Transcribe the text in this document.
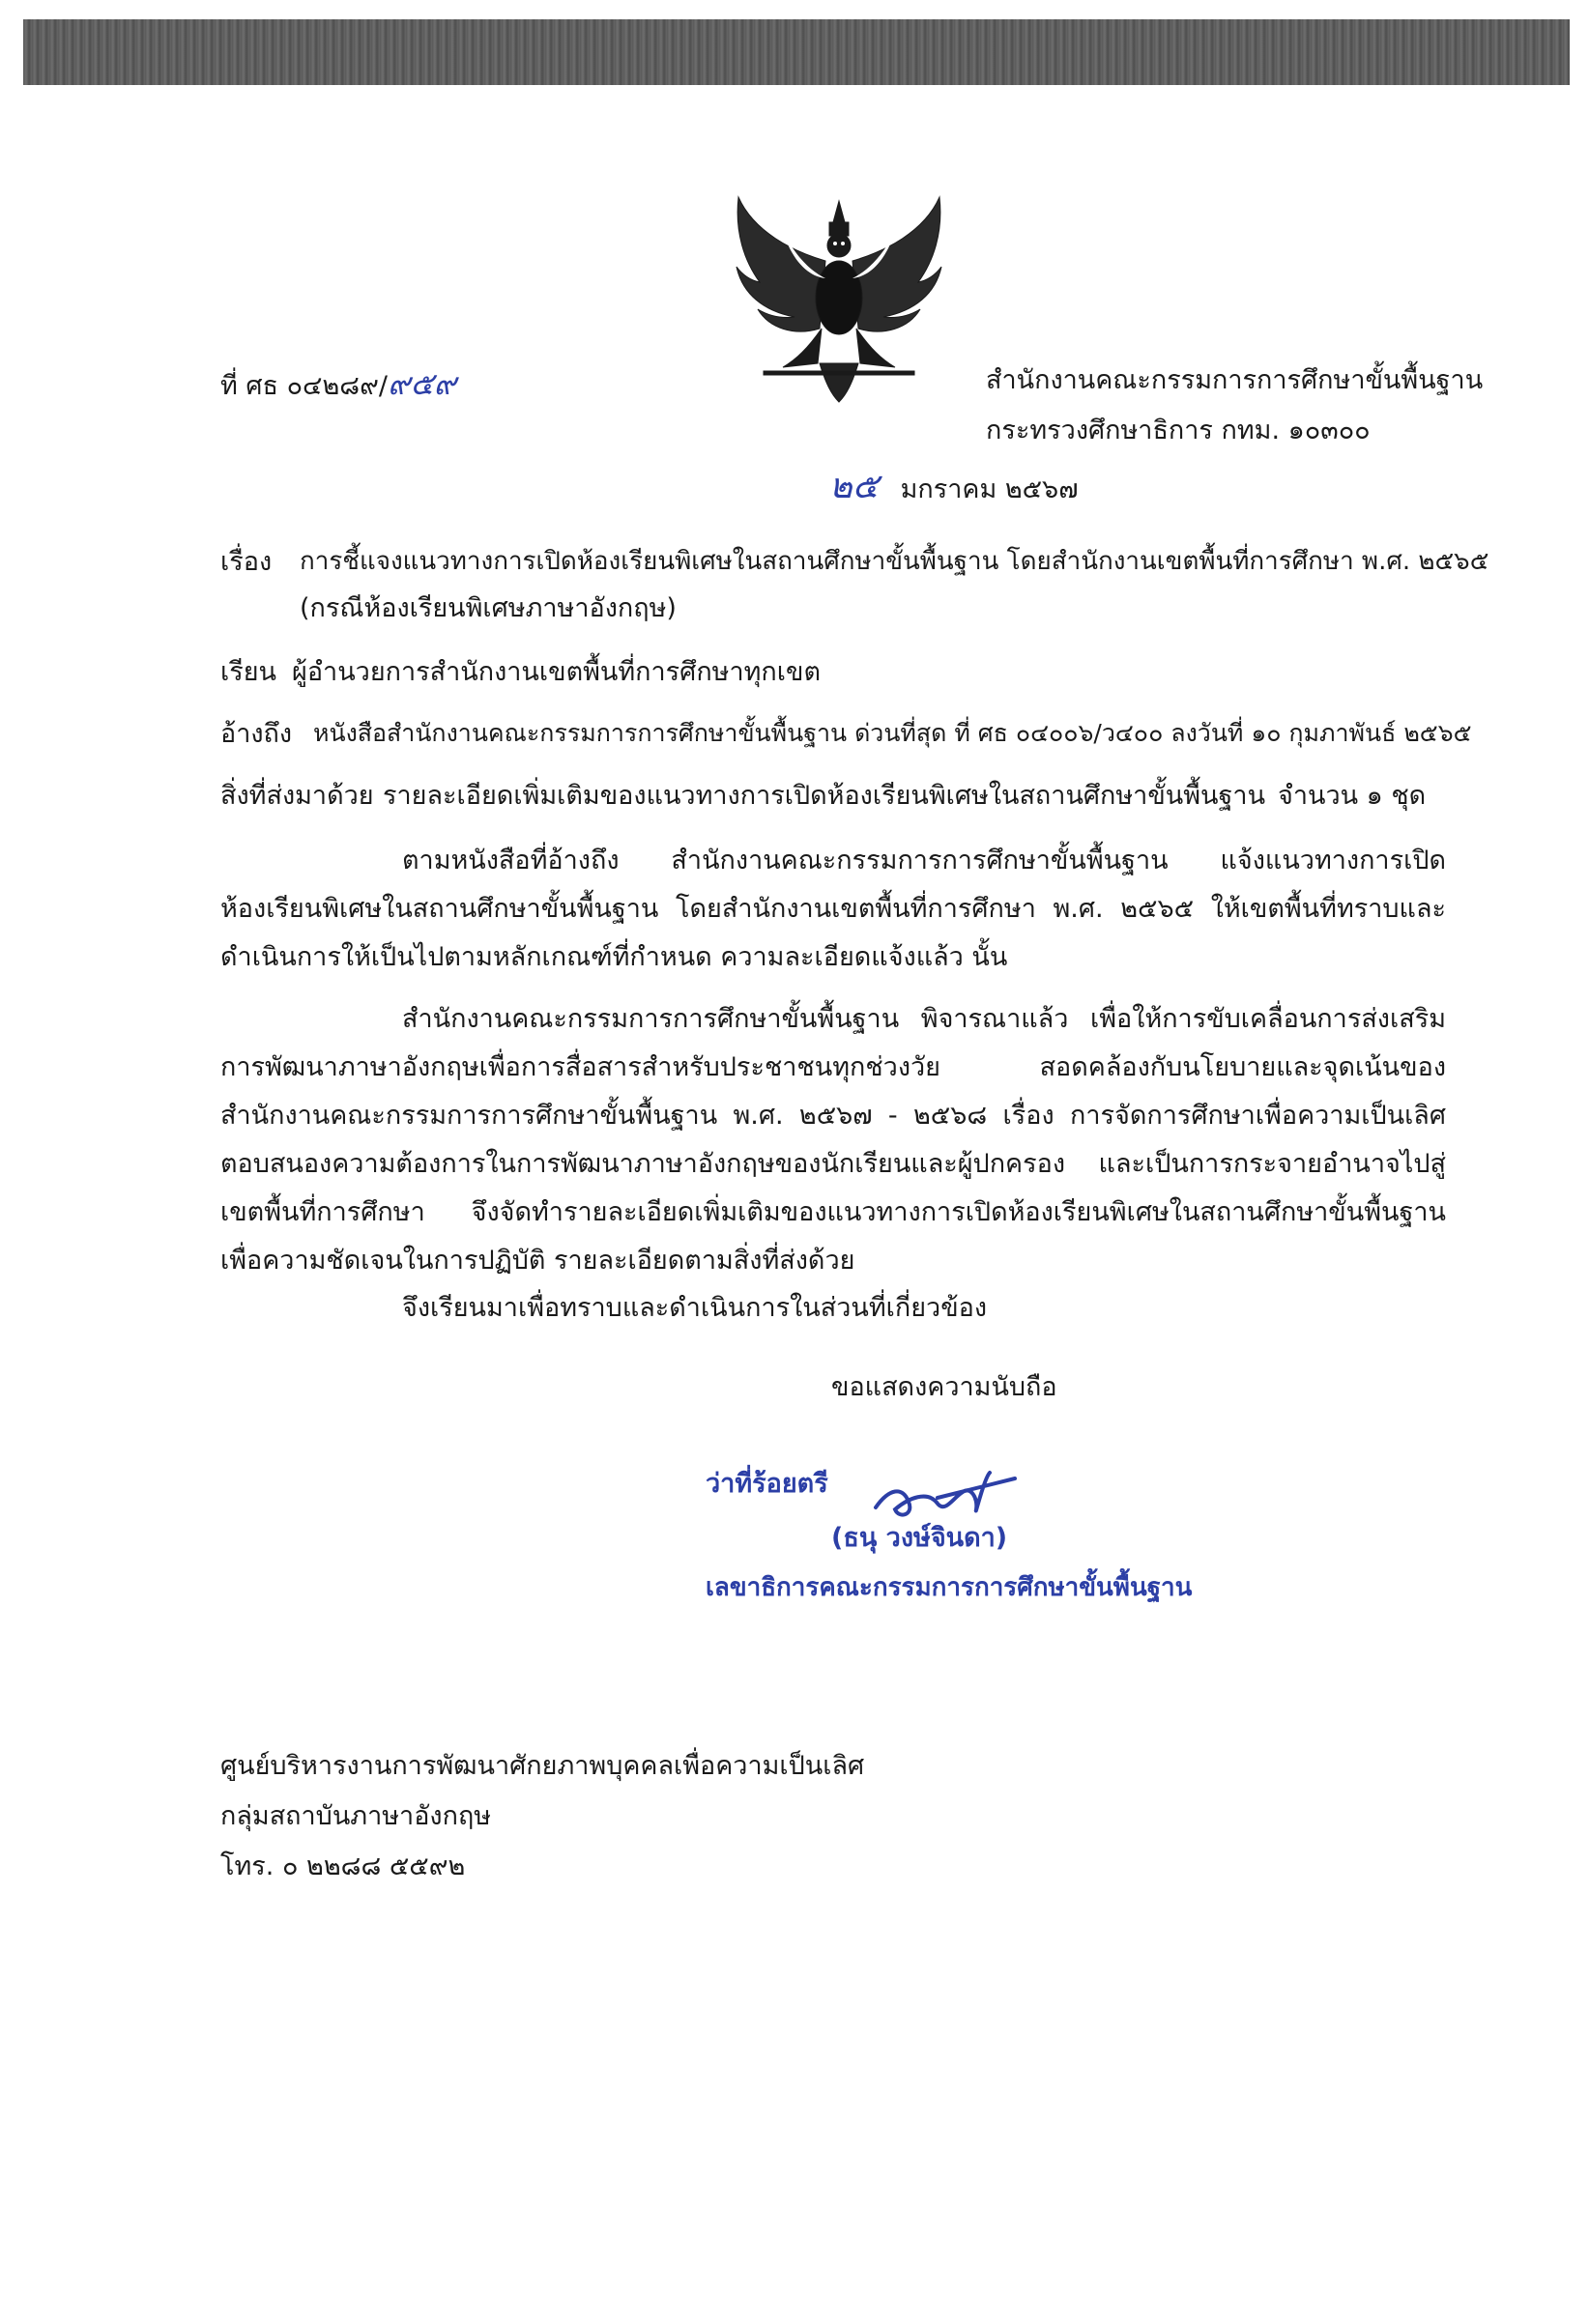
ที่ ศธ ๐๔๒๘๙/๙๕๙	สำนักงานคณะกรรมการการศึกษาขั้นพื้นฐาน
กระทรวงศึกษาธิการ กทม. ๑๐๓๐๐
๒๕ มกราคม ๒๕๖๗
เรื่อง การชี้แจงแนวทางการเปิดห้องเรียนพิเศษในสถานศึกษาขั้นพื้นฐาน โดยสำนักงานเขตพื้นที่การศึกษา พ.ศ. ๒๕๖๕
(กรณีห้องเรียนพิเศษภาษาอังกฤษ)
เรียน ผู้อำนวยการสำนักงานเขตพื้นที่การศึกษาทุกเขต
อ้างถึง หนังสือสำนักงานคณะกรรมการการศึกษาขั้นพื้นฐาน ด่วนที่สุด ที่ ศธ ๐๔๐๐๖/ว๔๐๐ ลงวันที่ ๑๐ กุมภาพันธ์ ๒๕๖๕
สิ่งที่ส่งมาด้วย รายละเอียดเพิ่มเติมของแนวทางการเปิดห้องเรียนพิเศษในสถานศึกษาขั้นพื้นฐาน จำนวน ๑ ชุด
ตามหนังสือที่อ้างถึง สำนักงานคณะกรรมการการศึกษาขั้นพื้นฐาน แจ้งแนวทางการเปิดห้องเรียนพิเศษในสถานศึกษาขั้นพื้นฐาน โดยสำนักงานเขตพื้นที่การศึกษา พ.ศ. ๒๕๖๕ ให้เขตพื้นที่ทราบและดำเนินการให้เป็นไปตามหลักเกณฑ์ที่กำหนด ความละเอียดแจ้งแล้ว นั้น
สำนักงานคณะกรรมการการศึกษาขั้นพื้นฐาน พิจารณาแล้ว เพื่อให้การขับเคลื่อนการส่งเสริมการพัฒนาภาษาอังกฤษเพื่อการสื่อสารสำหรับประชาชนทุกช่วงวัย สอดคล้องกับนโยบายและจุดเน้นของสำนักงานคณะกรรมการการศึกษาขั้นพื้นฐาน พ.ศ. ๒๕๖๗ - ๒๕๖๘ เรื่อง การจัดการศึกษาเพื่อความเป็นเลิศตอบสนองความต้องการในการพัฒนาภาษาอังกฤษของนักเรียนและผู้ปกครอง และเป็นการกระจายอำนาจไปสู่เขตพื้นที่การศึกษา จึงจัดทำรายละเอียดเพิ่มเติมของแนวทางการเปิดห้องเรียนพิเศษในสถานศึกษาขั้นพื้นฐานเพื่อความชัดเจนในการปฏิบัติ รายละเอียดตามสิ่งที่ส่งด้วย
จึงเรียนมาเพื่อทราบและดำเนินการในส่วนที่เกี่ยวข้อง
ขอแสดงความนับถือ
ว่าที่ร้อยตรี
(ธนุ วงษ์จินดา)
เลขาธิการคณะกรรมการการศึกษาขั้นพื้นฐาน
ศูนย์บริหารงานการพัฒนาศักยภาพบุคคลเพื่อความเป็นเลิศ
กลุ่มสถาบันภาษาอังกฤษ
โทร. ๐ ๒๒๘๘ ๕๕๙๒
